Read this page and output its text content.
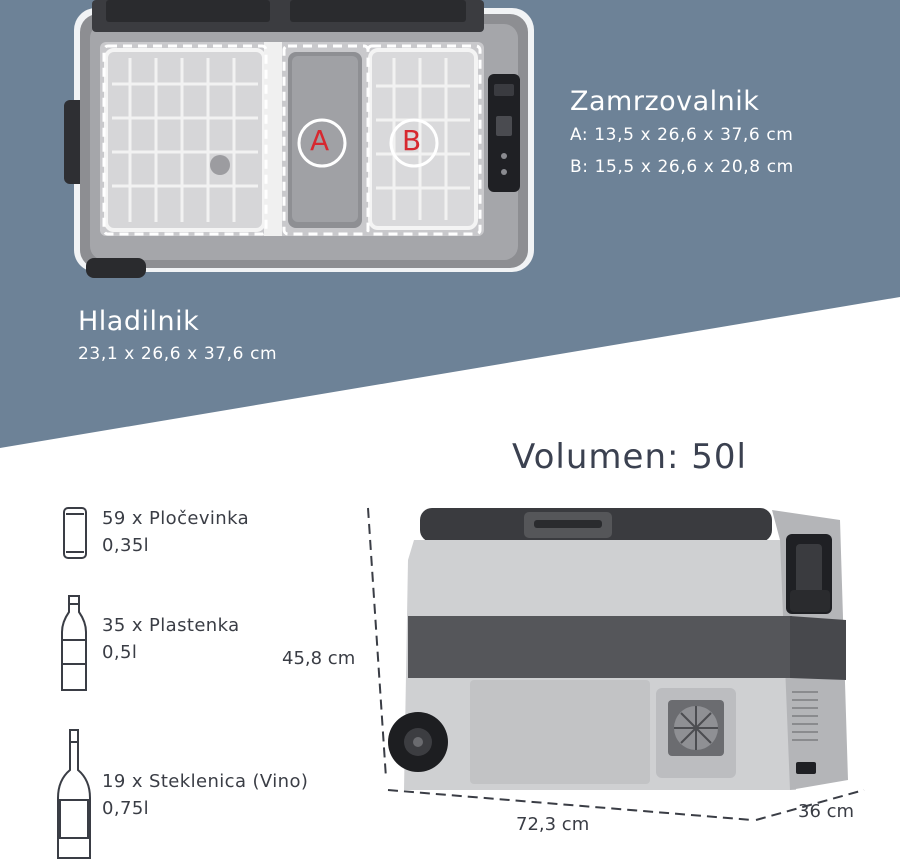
Zamrzovalnik
A: 13,5 x 26,6 x 37,6 cm
B: 15,5 x 26,6 x 20,8 cm
A	B
Hladilnik
23,1 x 26,6 x 37,6 cm
Volumen: 50l
59 x Pločevinka
0,35l
35 x Plastenka
0,5l
19 x Steklenica (Vino)
0,75l
45,8 cm
72,3 cm
36 cm
